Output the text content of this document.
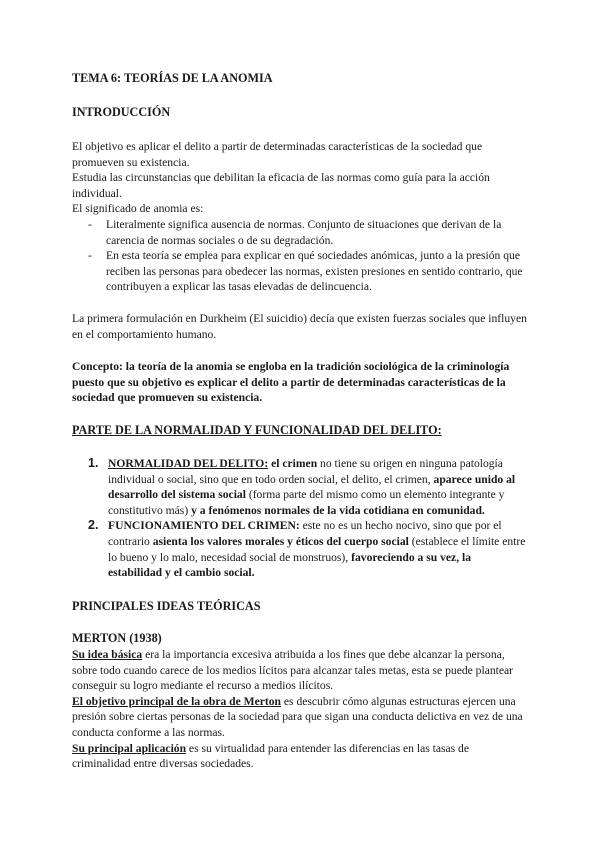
TEMA 6: TEORÍAS DE LA ANOMIA
INTRODUCCIÓN

El objetivo es aplicar el delito a partir de determinadas características de la sociedad que promueven su existencia.

Estudia las circunstancias que debilitan la eficacia de las normas como guía para la acción individual.

El significado de anomia es:

- Literalmente significa ausencia de normas. Conjunto de situaciones que derivan de la carencia de normas sociales o de su degradación.
- En esta teoría se emplea para explicar en qué sociedades anómicas, junto a la presión que reciben las personas para obedecer las normas, existen presiones en sentido contrario, que contribuyen a explicar las tasas elevadas de delincuencia.
La primera formulación en Durkheim (El suicidio) decía que existen fuerzas sociales que influyen en el comportamiento humano.
Concepto: la teoría de la anomia se engloba en la tradición sociológica de la criminología puesto que su objetivo es explicar el delito a partir de determinadas características de la sociedad que promueven su existencia.
PARTE DE LA NORMALIDAD Y FUNCIONALIDAD DEL DELITO:
1. NORMALIDAD DEL DELITO: el crimen no tiene su origen en ninguna patología individual o social, sino que en todo orden social, el delito, el crimen, aparece unido al desarrollo del sistema social (forma parte del mismo como un elemento integrante y constitutivo más) y a fenómenos normales de la vida cotidiana en comunidad.
2. FUNCIONAMIENTO DEL CRIMEN: este no es un hecho nocivo, sino que por el contrario asienta los valores morales y éticos del cuerpo social (establece el límite entre lo bueno y lo malo, necesidad social de monstruos), favoreciendo a su vez, la estabilidad y el cambio social.
PRINCIPALES IDEAS TEÓRICAS
MERTON (1938)

Su idea básica era la importancia excesiva atribuida a los fines que debe alcanzar la persona, sobre todo cuando carece de los medios lícitos para alcanzar tales metas, esta se puede plantear conseguir su logro mediante el recurso a medios ilícitos.

El objetivo principal de la obra de Merton es descubrir cómo algunas estructuras ejercen una presión sobre ciertas personas de la sociedad para que sigan una conducta delictiva en vez de una conducta conforme a las normas.

Su principal aplicación es su virtualidad para entender las diferencias en las tasas de criminalidad entre diversas sociedades.
